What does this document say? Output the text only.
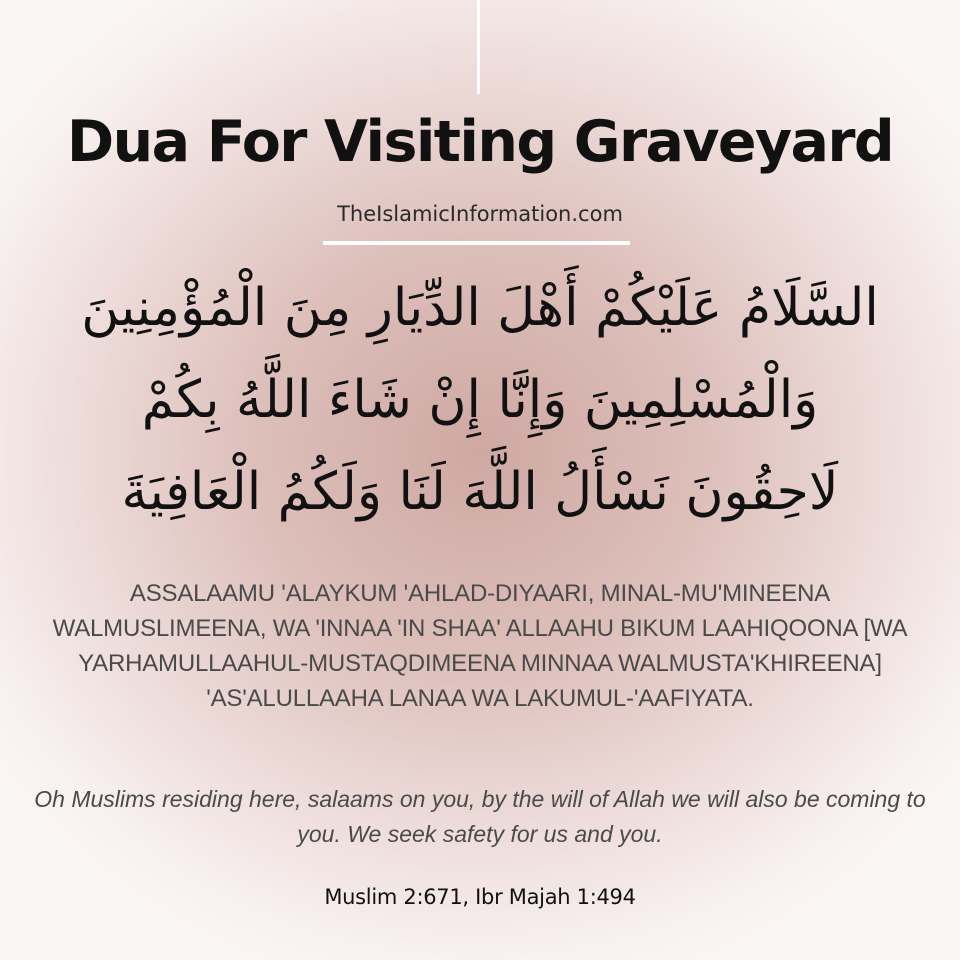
Dua For Visiting Graveyard
TheIslamicInformation.com
السَّلَامُ عَلَيْكُمْ أَهْلَ الدِّيَارِ مِنَ الْمُؤْمِنِينَ
وَالْمُسْلِمِينَ وَإِنَّا إِنْ شَاءَ اللَّهُ بِكُمْ
لَاحِقُونَ نَسْأَلُ اللَّهَ لَنَا وَلَكُمُ الْعَافِيَةَ
ASSALAAMU 'ALAYKUM 'AHLAD-DIYAARI, MINAL-MU'MINEENA WALMUSLIMEENA, WA 'INNAA 'IN SHAA' ALLAAHU BIKUM LAAHIQOONA [WA YARHAMULLAAHUL-MUSTAQDIMEENA MINNAA WALMUSTA'KHIREENA] 'AS'ALULLAAHA LANAA WA LAKUMUL-'AAFIYATA.
Oh Muslims residing here, salaams on you, by the will of Allah we will also be coming to you. We seek safety for us and you.
Muslim 2:671, Ibr Majah 1:494
